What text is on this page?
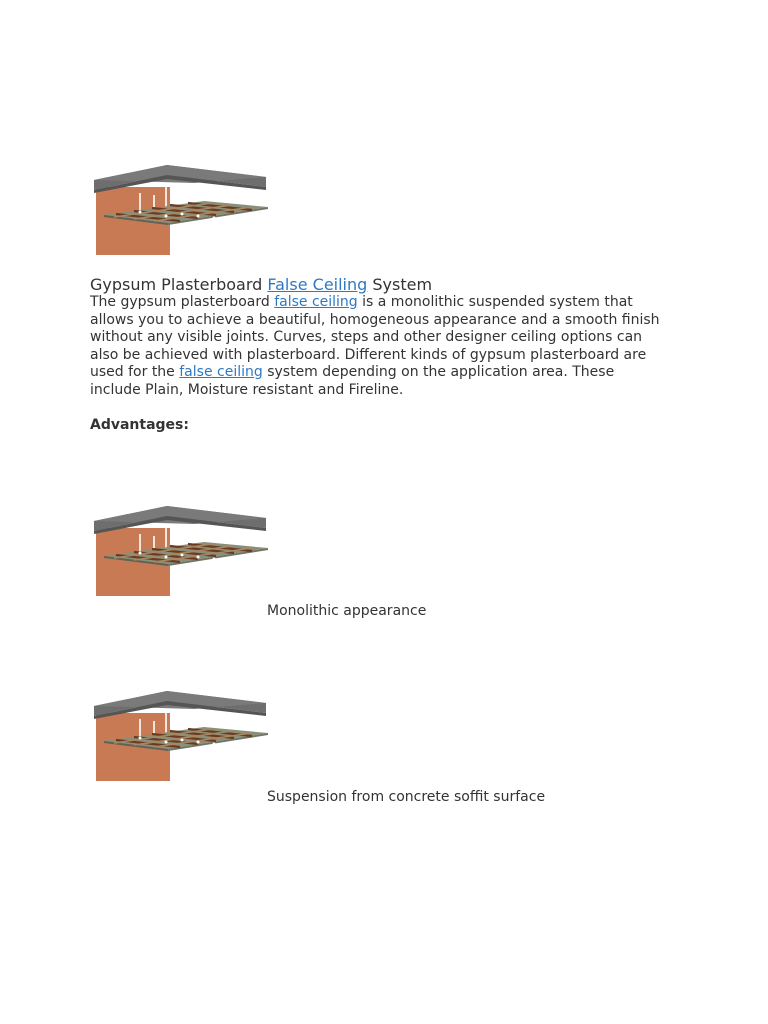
Gypsum Plasterboard False Ceiling System

The gypsum plasterboard false ceiling is a monolithic suspended system that
allows you to achieve a beautiful, homogeneous appearance and a smooth finish
without any visible joints. Curves, steps and other designer ceiling options can
also be achieved with plasterboard. Different kinds of gypsum plasterboard are
used for the false ceiling system depending on the application area. These
include Plain, Moisture resistant and Fireline.

Advantages:

Monolithic appearance

Suspension from concrete soffit surface
